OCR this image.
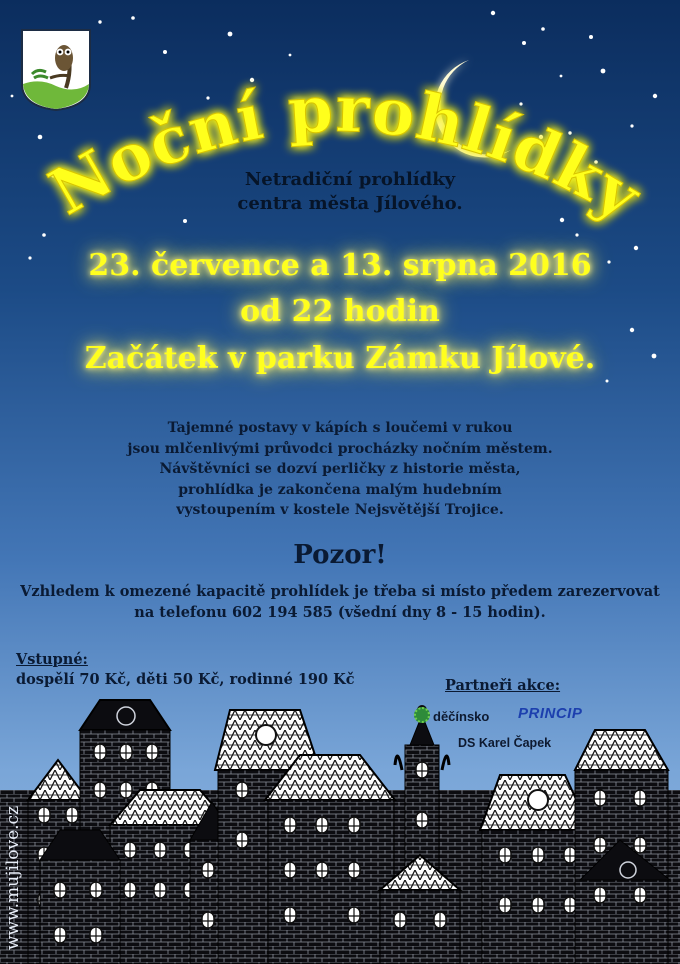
Noční prohlídky
Netradiční prohlídky
centra města Jílového.
23. července a 13. srpna 2016
od 22 hodin
Začátek v parku Zámku Jílové.
Tajemné postavy v kápích s loučemi v rukou
jsou mlčenlivými průvodci procházky nočním městem.
Návštěvníci se dozví perličky z historie města,
prohlídka je zakončena malým hudebním
vystoupením v kostele Nejsvětější Trojice.
Pozor!
Vzhledem k omezené kapacitě prohlídek je třeba si místo předem zarezervovat
na telefonu 602 194 585 (všední dny 8 - 15 hodin).
Vstupné:
dospělí 70 Kč, děti 50 Kč, rodinné 190 Kč	Partneři akce:
děčínsko PRINCIP
DS Karel Čapek
www.mujilove.cz
